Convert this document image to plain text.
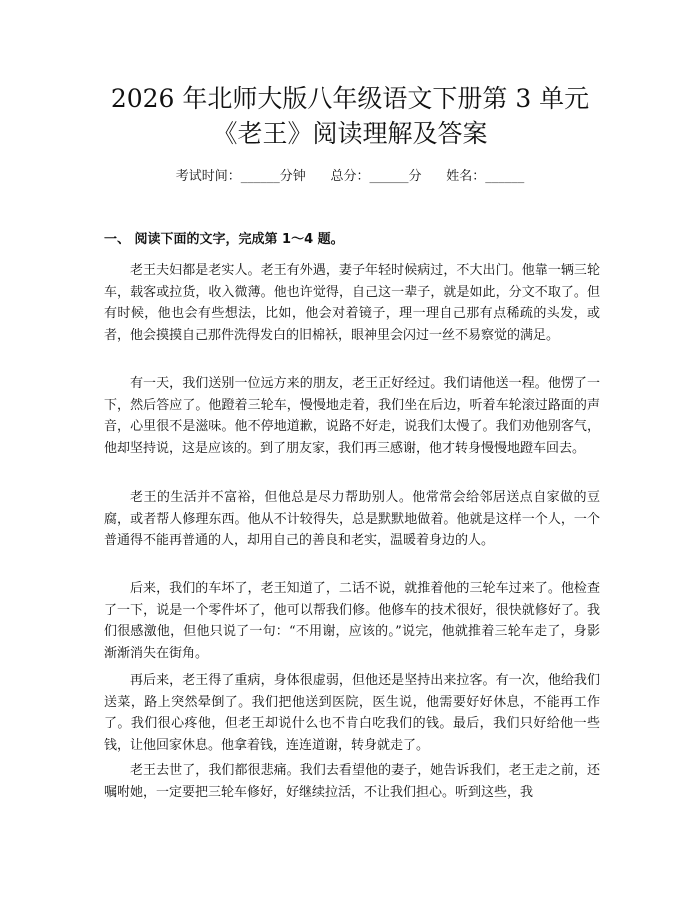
2026 年北师大版八年级语文下册第 3 单元
《老王》阅读理解及答案
考试时间：______分钟      总分：______分      姓名：______
一、 阅读下面的文字，完成第 1～4 题。

老王夫妇都是老实人。老王有外遇，妻子年轻时候病过，不大出门。他靠一辆三轮车，载客或拉货，收入微薄。他也许觉得，自己这一辈子，就是如此，分文不取了。但有时候，他也会有些想法，比如，他会对着镜子，理一理自己那有点稀疏的头发，或者，他会摸摸自己那件洗得发白的旧棉袄，眼神里会闪过一丝不易察觉的满足。

有一天，我们送别一位远方来的朋友，老王正好经过。我们请他送一程。他愣了一下，然后答应了。他蹬着三轮车，慢慢地走着，我们坐在后边，听着车轮滚过路面的声音，心里很不是滋味。他不停地道歉，说路不好走，说我们太慢了。我们劝他别客气，他却坚持说，这是应该的。到了朋友家，我们再三感谢，他才转身慢慢地蹬车回去。

老王的生活并不富裕，但他总是尽力帮助别人。他常常会给邻居送点自家做的豆腐，或者帮人修理东西。他从不计较得失，总是默默地做着。他就是这样一个人，一个普通得不能再普通的人，却用自己的善良和老实，温暖着身边的人。

后来，我们的车坏了，老王知道了，二话不说，就推着他的三轮车过来了。他检查了一下，说是一个零件坏了，他可以帮我们修。他修车的技术很好，很快就修好了。我们很感激他，但他只说了一句：“不用谢，应该的。”说完，他就推着三轮车走了，身影渐渐消失在街角。

再后来，老王得了重病，身体很虚弱，但他还是坚持出来拉客。有一次，他给我们送菜，路上突然晕倒了。我们把他送到医院，医生说，他需要好好休息，不能再工作了。我们很心疼他，但老王却说什么也不肯白吃我们的钱。最后，我们只好给他一些钱，让他回家休息。他拿着钱，连连道谢，转身就走了。

老王去世了，我们都很悲痛。我们去看望他的妻子，她告诉我们，老王走之前，还嘱咐她，一定要把三轮车修好，好继续拉活，不让我们担心。听到这些，我
